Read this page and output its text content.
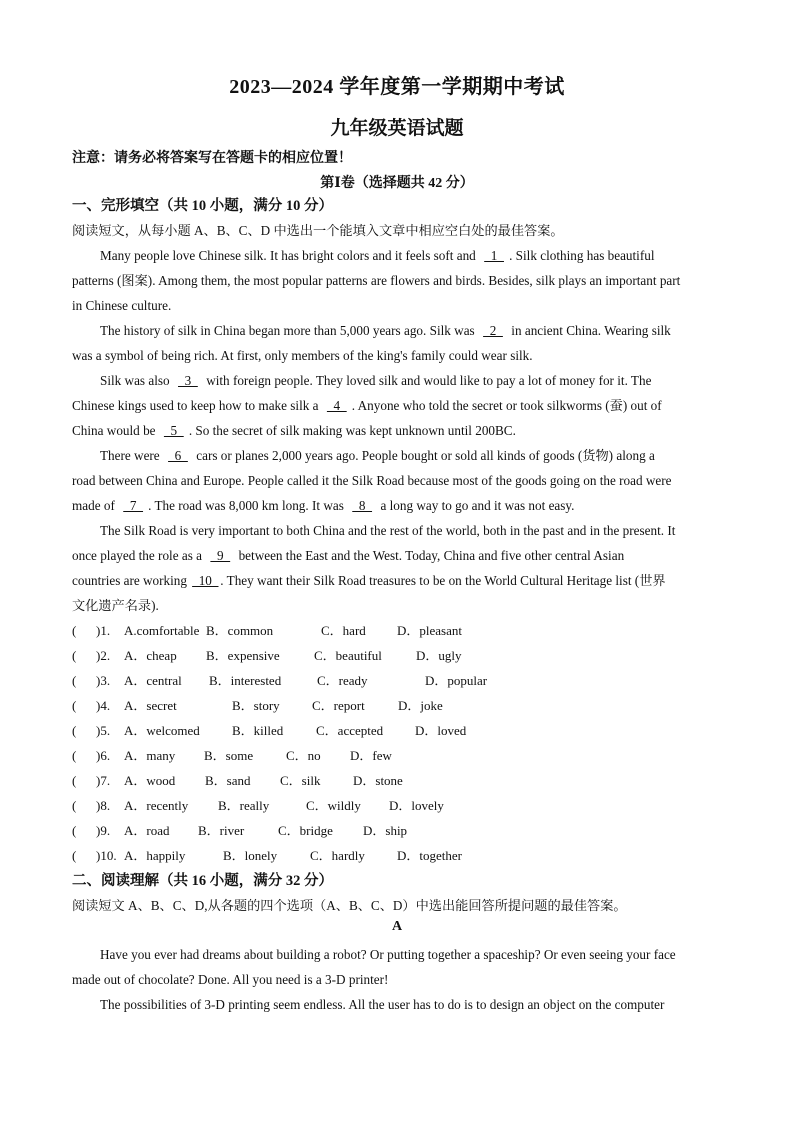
2023—2024 学年度第一学期期中考试
九年级英语试题
注意：请务必将答案写在答题卡的相应位置！
第Ⅰ卷（选择题共 42 分）
一、完形填空（共 10 小题，满分 10 分）
阅读短文，从每小题 A、B、C、D 中选出一个能填入文章中相应空白处的最佳答案。
Many people love Chinese silk. It has bright colors and it feels soft and   1  . Silk clothing has beautiful
patterns (图案). Among them, the most popular patterns are flowers and birds. Besides, silk plays an important part
in Chinese culture.
The history of silk in China began more than 5,000 years ago. Silk was   2   in ancient China. Wearing silk
was a symbol of being rich. At first, only members of the king's family could wear silk.
Silk was also   3   with foreign people. They loved silk and would like to pay a lot of money for it. The
Chinese kings used to keep how to make silk a   4  . Anyone who told the secret or took silkworms (蚕) out of
China would be   5  . So the secret of silk making was kept unknown until 200BC.
There were   6   cars or planes 2,000 years ago. People bought or sold all kinds of goods (货物) along a
road between China and Europe. People called it the Silk Road because most of the goods going on the road were
made of   7  . The road was 8,000 km long. It was   8   a long way to go and it was not easy.
The Silk Road is very important to both China and the rest of the world, both in the past and in the present. It
once played the role as a   9   between the East and the West. Today, China and five other central Asian
countries are working   10  . They want their Silk Road treasures to be on the World Cultural Heritage list (世界
文化遗产名录).
( )1. A.comfortable B．common	C．hard D．pleasant
( )2. A．cheap B．expensive	C．beautiful	D．ugly
( )3. A．central B．interested	C．ready	D．popular
( )4. A．secret	B．story C．report	D．joke
( )5. A．welcomed B．killed	C．accepted D．loved
( )6. A．many B．some	C．no D．few
( )7. A．wood B．sand C．silk	D．stone
( )8. A．recently B．really	C．wildly D．lovely
( )9. A．road B．river	C．bridge D．ship
( )10. A．happily	B．lonely	C．hardly D．together
二、阅读理解（共 16 小题，满分 32 分）
阅读短文 A、B、C、D,从各题的四个选项（A、B、C、D）中选出能回答所提问题的最佳答案。
A
Have you ever had dreams about building a robot? Or putting together a spaceship? Or even seeing your face
made out of chocolate? Done. All you need is a 3-D printer!
The possibilities of 3-D printing seem endless. All the user has to do is to design an object on the computer
